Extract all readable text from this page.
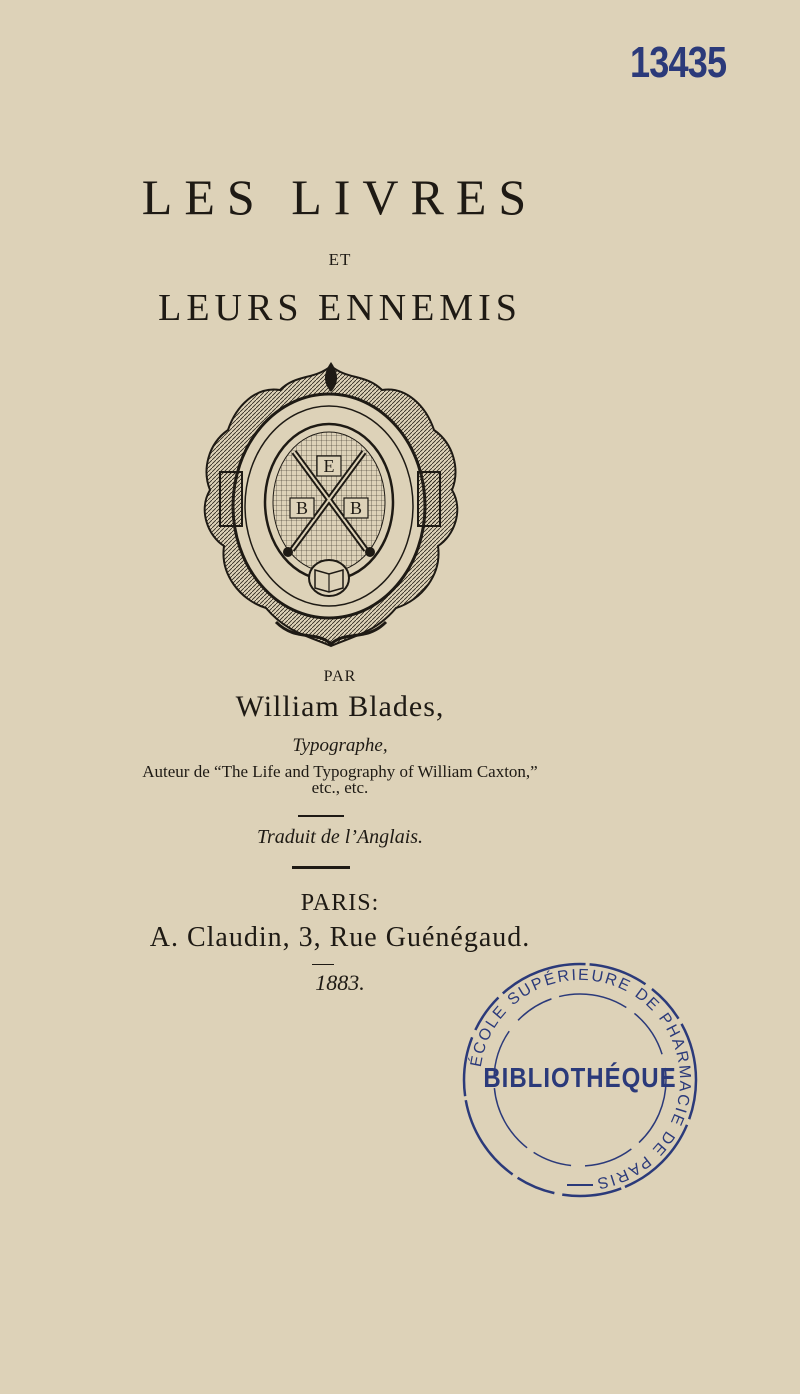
13435
LES LIVRES
ET
LEURS ENNEMIS
E
B B
PAR
William Blades,
Typographe,
Auteur de “The Life and Typography of William Caxton,”
etc., etc.
Traduit de l’Anglais.
PARIS:
A. Claudin, 3, Rue Guénégaud.
1883.
ÉCOLE SUPÉRIEURE DE PHARMACIE DE PARIS
BIBLIOTHÉQUE
